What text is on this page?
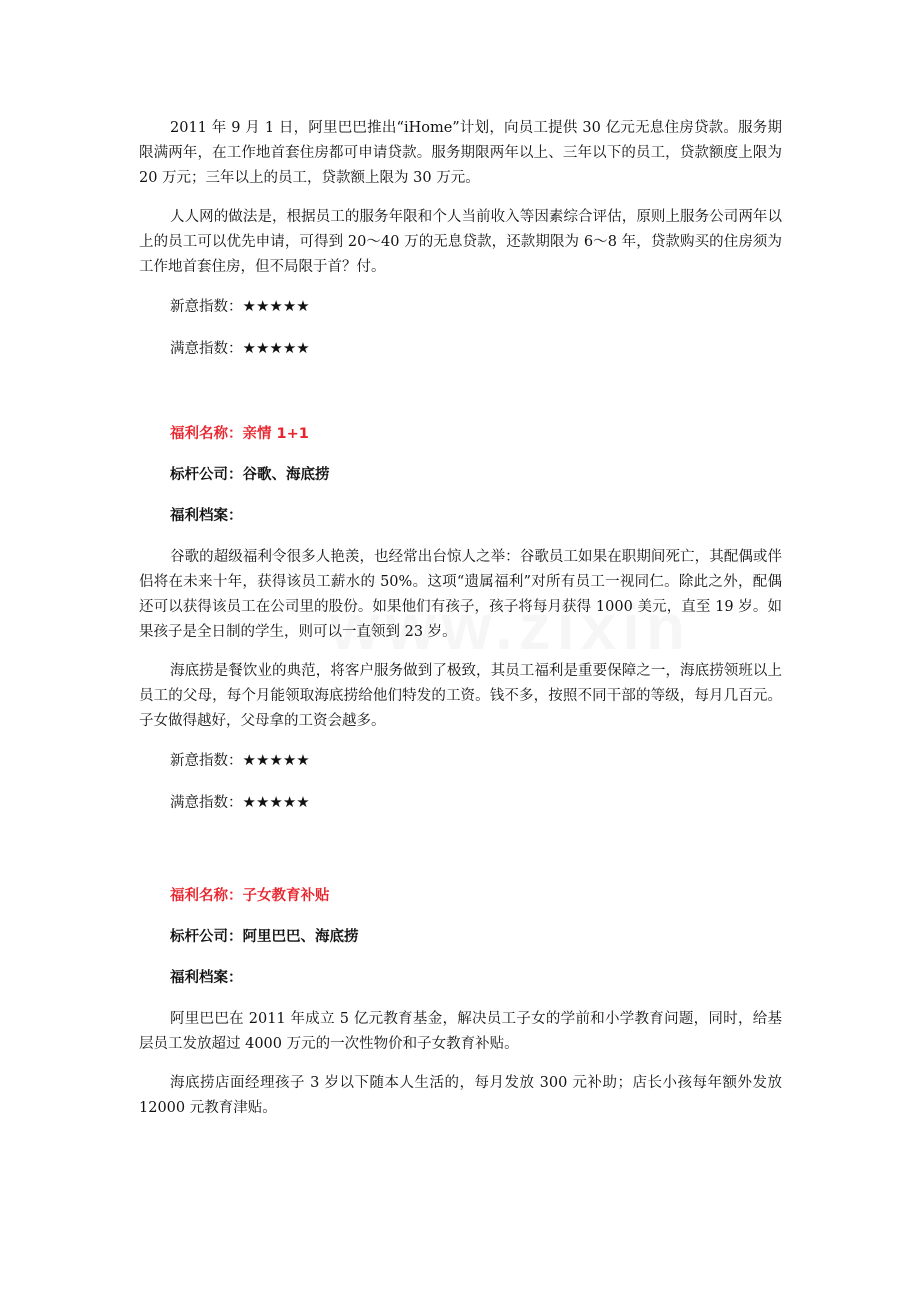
2011 年 9 月 1 日，阿里巴巴推出“iHome”计划，向员工提供 30 亿元无息住房贷款。服务期限满两年，在工作地首套住房都可申请贷款。服务期限两年以上、三年以下的员工，贷款额度上限为 20 万元；三年以上的员工，贷款额上限为 30 万元。

人人网的做法是，根据员工的服务年限和个人当前收入等因素综合评估，原则上服务公司两年以上的员工可以优先申请，可得到 20～40 万的无息贷款，还款期限为 6～8 年，贷款购买的住房须为工作地首套住房，但不局限于首？付。

新意指数：★★★★★
满意指数：★★★★★
福利名称：亲情 1+1
标杆公司：谷歌、海底捞
福利档案：

谷歌的超级福利令很多人艳羡，也经常出台惊人之举：谷歌员工如果在职期间死亡，其配偶或伴侣将在未来十年，获得该员工薪水的 50%。这项“遗属福利”对所有员工一视同仁。除此之外，配偶还可以获得该员工在公司里的股份。如果他们有孩子，孩子将每月获得 1000 美元，直至 19 岁。如果孩子是全日制的学生，则可以一直领到 23 岁。

海底捞是餐饮业的典范，将客户服务做到了极致，其员工福利是重要保障之一，海底捞领班以上员工的父母，每个月能领取海底捞给他们特发的工资。钱不多，按照不同干部的等级，每月几百元。子女做得越好，父母拿的工资会越多。

新意指数：★★★★★
满意指数：★★★★★
福利名称：子女教育补贴
标杆公司：阿里巴巴、海底捞
福利档案：

阿里巴巴在 2011 年成立 5 亿元教育基金，解决员工子女的学前和小学教育问题，同时，给基层员工发放超过 4000 万元的一次性物价和子女教育补贴。

海底捞店面经理孩子 3 岁以下随本人生活的，每月发放 300 元补助；店长小孩每年额外发放 12000 元教育津贴。
